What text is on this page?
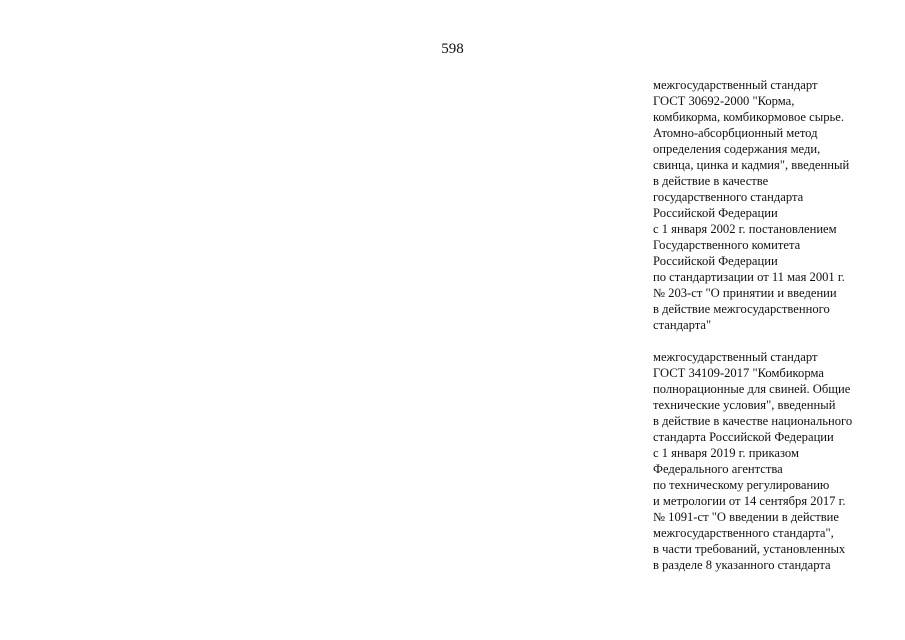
598

межгосударственный стандарт
ГОСТ 30692-2000 "Корма,
комбикорма, комбикормовое сырье.
Атомно-абсорбционный метод
определения содержания меди,
свинца, цинка и кадмия", введенный
в действие в качестве
государственного стандарта
Российской Федерации
с 1 января 2002 г. постановлением
Государственного комитета
Российской Федерации
по стандартизации от 11 мая 2001 г.
№ 203-ст "О принятии и введении
в действие межгосударственного
стандарта"

межгосударственный стандарт
ГОСТ 34109-2017 "Комбикорма
полнорационные для свиней. Общие
технические условия", введенный
в действие в качестве национального
стандарта Российской Федерации
с 1 января 2019 г. приказом
Федерального агентства
по техническому регулированию
и метрологии от 14 сентября 2017 г.
№ 1091-ст "О введении в действие
межгосударственного стандарта",
в части требований, установленных
в разделе 8 указанного стандарта
